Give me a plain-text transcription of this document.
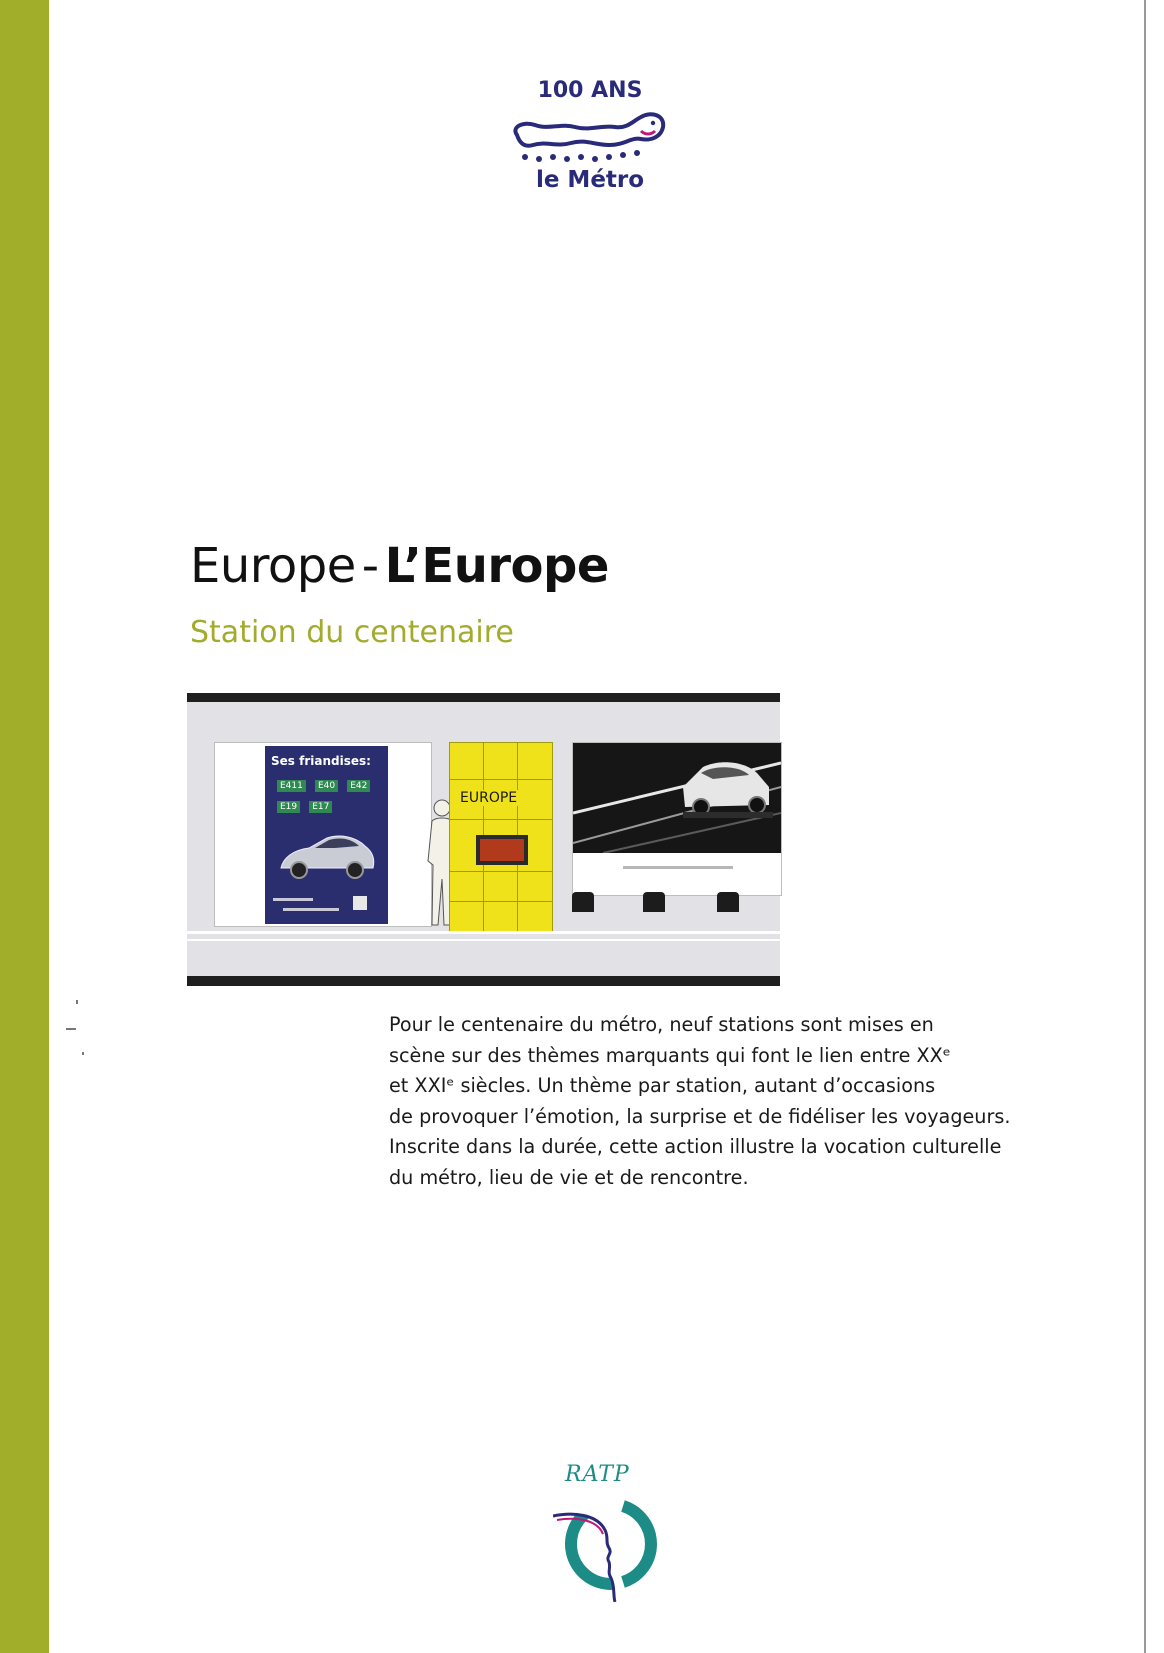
100 ANS
le Métro
Europe - L’Europe
Station du centenaire
Ses friandises:
E411 E40 E42 E19 E17
EUROPE

Pour le centenaire du métro, neuf stations sont mises en

scène sur des thèmes marquants qui font le lien entre XXᵉ

et XXIᵉ siècles. Un thème par station, autant d’occasions

de provoquer l’émotion, la surprise et de fidéliser les voyageurs.

Inscrite dans la durée, cette action illustre la vocation culturelle

du métro, lieu de vie et de rencontre.

RATP
